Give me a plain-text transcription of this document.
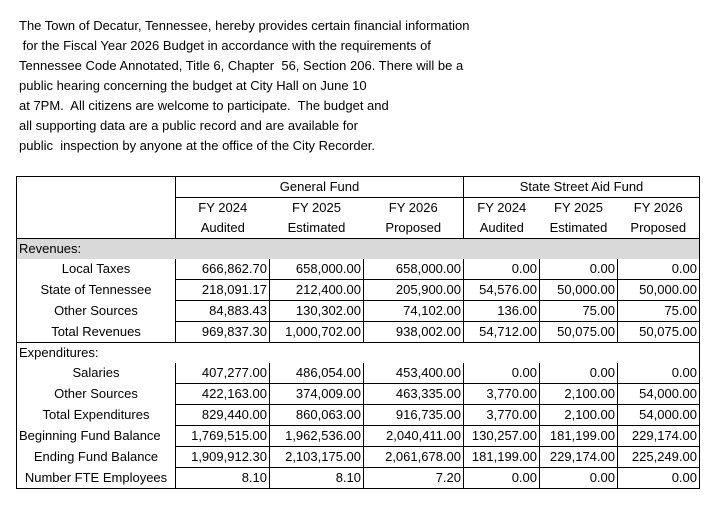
The Town of Decatur, Tennessee, hereby provides certain financial information
for the Fiscal Year 2026 Budget in accordance with the requirements of
Tennessee Code Annotated, Title 6, Chapter  56, Section 206. There will be a
public hearing concerning the budget at City Hall on June 10
at 7PM.  All citizens are welcome to participate.  The budget and
all supporting data are a public record and are available for
public  inspection by anyone at the office of the City Recorder.
	General Fund			State Street Aid Fund		
	FY 2024	FY 2025	FY 2026	FY 2024	FY 2025	FY 2026
	Audited	Estimated	Proposed	Audited	Estimated	Proposed
Revenues:						
Local Taxes	666,862.70	658,000.00	658,000.00	0.00	0.00	0.00
State of Tennessee	218,091.17	212,400.00	205,900.00	54,576.00	50,000.00	50,000.00
Other Sources	84,883.43	130,302.00	74,102.00	136.00	75.00	75.00
Total Revenues	969,837.30	1,000,702.00	938,002.00	54,712.00	50,075.00	50,075.00
Expenditures:						
Salaries	407,277.00	486,054.00	453,400.00	0.00	0.00	0.00
Other Sources	422,163.00	374,009.00	463,335.00	3,770.00	2,100.00	54,000.00
Total Expenditures	829,440.00	860,063.00	916,735.00	3,770.00	2,100.00	54,000.00
Beginning Fund Balance	1,769,515.00	1,962,536.00	2,040,411.00	130,257.00	181,199.00	229,174.00
Ending Fund Balance	1,909,912.30	2,103,175.00	2,061,678.00	181,199.00	229,174.00	225,249.00
Number FTE Employees	8.10	8.10	7.20	0.00	0.00	0.00
